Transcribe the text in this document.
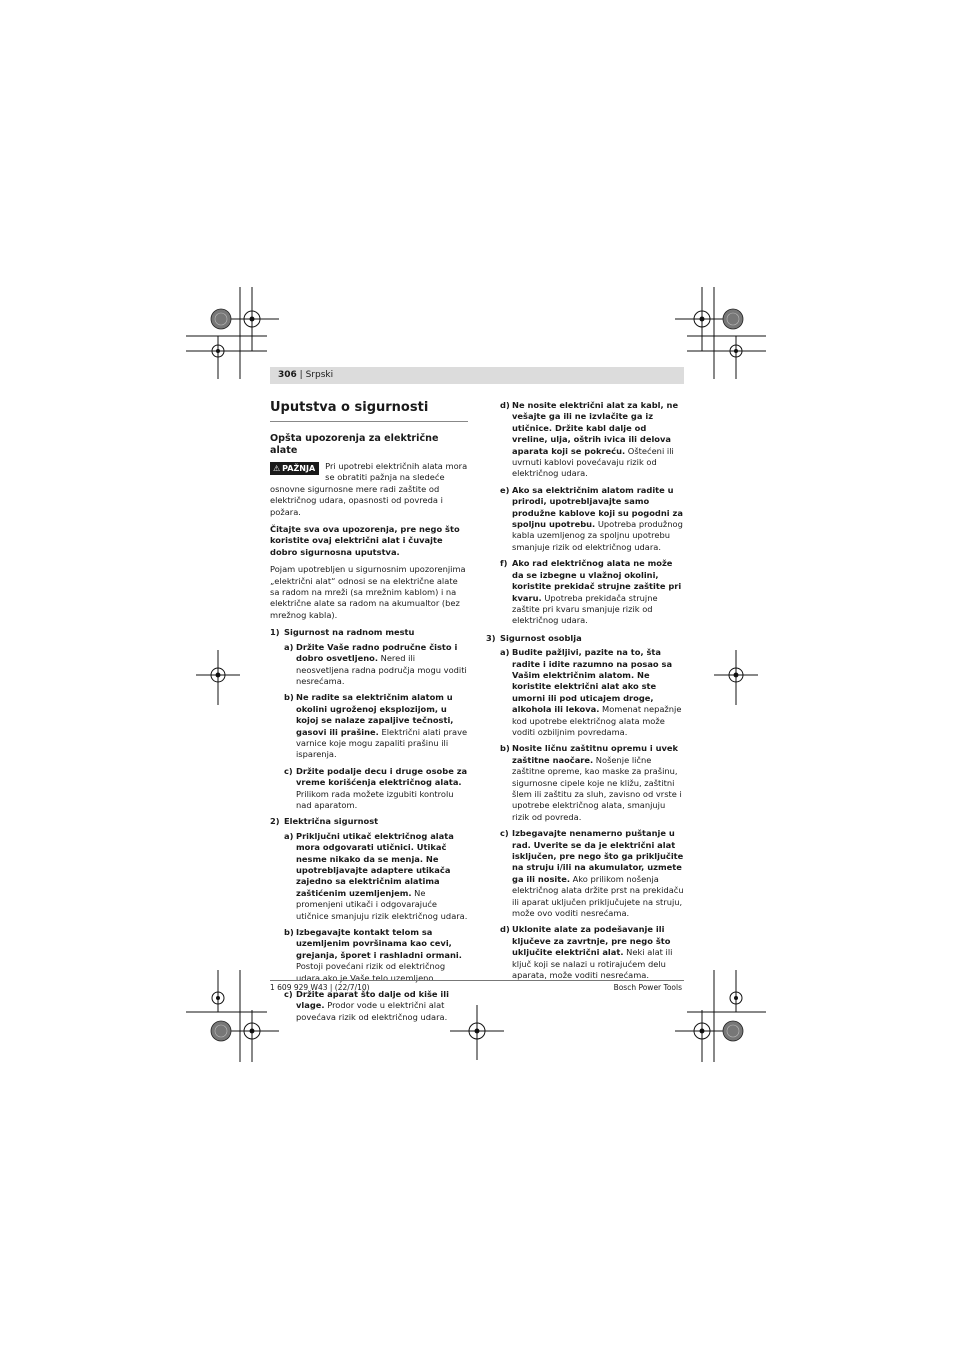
306 | Srpski
Uputstva o sigurnosti
Opšta upozorenja za električne alate

⚠ PAŽNJA	Pri upotrebi električnih alata mora se obratiti pažnja na sledeće osnovne sigurnosne mere radi zaštite od električnog udara, opasnosti od povreda i požara.

Čitajte sva ova upozorenja, pre nego što koristite ovaj električni alat i čuvajte dobro sigurnosna uputstva.

Pojam upotrebljen u sigurnosnim upozorenjima „električni alat“ odnosi se na električne alate sa radom na mreži (sa mrežnim kablom) i na električne alate sa radom na akumualtor (bez mrežnog kabla).

1) Sigurnost na radnom mestu
a) Držite Vaše radno područne čisto i dobro osvetljeno. Nered ili neosvetljena radna područja mogu voditi nesrećama.
b) Ne radite sa električnim alatom u okolini ugroženoj eksplozijom, u kojoj se nalaze zapaljive tečnosti, gasovi ili prašine. Električni alati prave varnice koje mogu zapaliti prašinu ili isparenja.
c) Držite podalje decu i druge osobe za vreme korišćenja električnog alata. Prilikom rada možete izgubiti kontrolu nad aparatom.
2) Električna sigurnost
a) Priključni utikač električnog alata mora odgovarati utičnici. Utikač nesme nikako da se menja. Ne upotrebljavajte adaptere utikača zajedno sa električnim alatima zaštićenim uzemljenjem. Ne promenjeni utikači i odgovarajuće utičnice smanjuju rizik električnog udara.
b) Izbegavajte kontakt telom sa uzemljenim površinama kao cevi, grejanja, šporet i rashladni ormani. Postoji povećani rizik od električnog udara ako je Vaše telo uzemljeno.
c) Držite aparat što dalje od kiše ili vlage. Prodor vode u električni alat povećava rizik od električnog udara.
d) Ne nosite električni alat za kabl, ne vešajte ga ili ne izvlačite ga iz utičnice. Držite kabl dalje od vreline, ulja, oštrih ivica ili delova aparata koji se pokreću. Oštećeni ili uvrnuti kablovi povećavaju rizik od električnog udara.
e) Ako sa električnim alatom radite u prirodi, upotrebljavajte samo produžne kablove koji su pogodni za spoljnu upotrebu. Upotreba produžnog kabla uzemljenog za spoljnu upotrebu smanjuje rizik od električnog udara.
f) Ako rad električnog alata ne može da se izbegne u vlažnoj okolini, koristite prekidač strujne zaštite pri kvaru. Upotreba prekidača strujne zaštite pri kvaru smanjuje rizik od električnog udara.
3) Sigurnost osoblja
a) Budite pažljivi, pazite na to, šta radite i idite razumno na posao sa Vašim električnim alatom. Ne koristite električni alat ako ste umorni ili pod uticajem droge, alkohola ili lekova. Momenat nepažnje kod upotrebe električnog alata može voditi ozbiljnim povredama.
b) Nosite ličnu zaštitnu opremu i uvek zaštitne naočare. Nošenje lične zaštitne opreme, kao maske za prašinu, sigurnosne cipele koje ne kližu, zaštitni šlem ili zaštitu za sluh, zavisno od vrste i upotrebe električnog alata, smanjuju rizik od povreda.
c) Izbegavajte nenamerno puštanje u rad. Uverite se da je električni alat isključen, pre nego što ga priključite na struju i/ili na akumulator, uzmete ga ili nosite. Ako prilikom nošenja električnog alata držite prst na prekidaču ili aparat uključen priključujete na struju, može ovo voditi nesrećama.
d) Uklonite alate za podešavanje ili ključeve za zavrtnje, pre nego što uključite električni alat. Neki alat ili ključ koji se nalazi u rotirajućem delu aparata, može voditi nesrećama.
1 609 929 W43 | (22/7/10)	Bosch Power Tools
